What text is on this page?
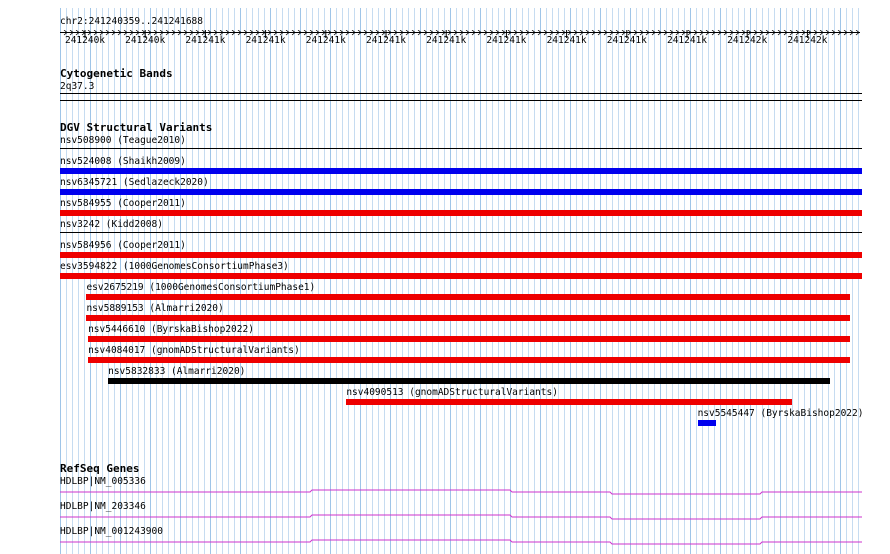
chr2:241240359..241241688
241240k	241240k	241241k	241241k	241241k	241241k	241241k	241241k	241241k	241241k	241241k	241242k	241242k
Cytogenetic Bands
2q37.3
DGV Structural Variants
nsv508900 (Teague2010)
nsv524008 (Shaikh2009)
nsv6345721 (Sedlazeck2020)
nsv584955 (Cooper2011)
nsv3242 (Kidd2008)
nsv584956 (Cooper2011)
esv3594822 (1000GenomesConsortiumPhase3)
esv2675219 (1000GenomesConsortiumPhase1)
nsv5889153 (Almarri2020)
nsv5446610 (ByrskaBishop2022)
nsv4084017 (gnomADStructuralVariants)
nsv5832833 (Almarri2020)
nsv4090513 (gnomADStructuralVariants)
nsv5545447 (ByrskaBishop2022)
RefSeq Genes
HDLBP|NM_005336
HDLBP|NM_203346
HDLBP|NM_001243900
